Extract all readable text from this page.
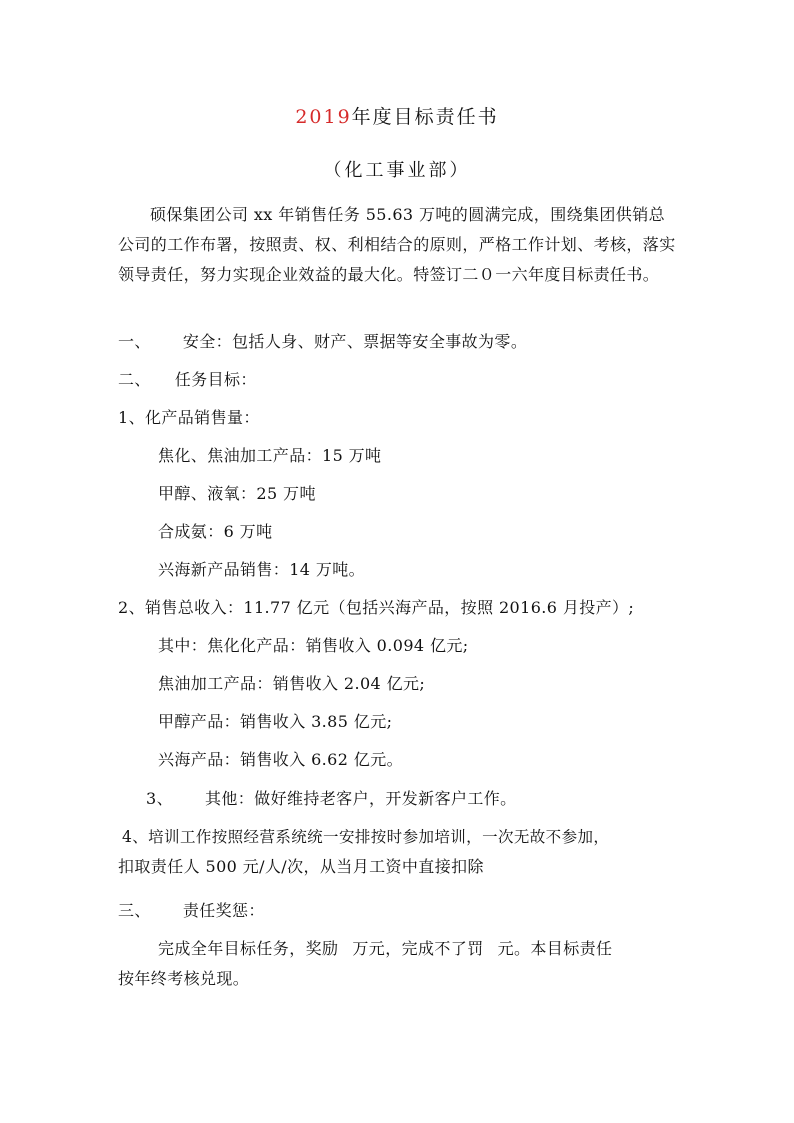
2019年度目标责任书
（化工事业部）
硕保集团公司 xx 年销售任务 55.63 万吨的圆满完成，围绕集团供销总公司的工作布署，按照责、权、利相结合的原则，严格工作计划、考核，落实领导责任，努力实现企业效益的最大化。特签订二０一六年度目标责任书。
一、 安全：包括人身、财产、票据等安全事故为零。
二、 任务目标：
1、化产品销售量：
焦化、焦油加工产品：15 万吨
甲醇、液氧：25 万吨
合成氨：6 万吨
兴海新产品销售：14 万吨。
2、销售总收入：11.77 亿元（包括兴海产品，按照 2016.6 月投产）;
其中：焦化化产品：销售收入 0.094 亿元;
焦油加工产品：销售收入 2.04 亿元;
甲醇产品：销售收入 3.85 亿元;
兴海产品：销售收入 6.62 亿元。
3、 其他：做好维持老客户，开发新客户工作。
4、培训工作按照经营系统统一安排按时参加培训，一次无故不参加，
扣取责任人 500 元/人/次，从当月工资中直接扣除
三、 责任奖惩：
完成全年目标任务，奖励 万元，完成不了罚 元。本目标责任
按年终考核兑现。
